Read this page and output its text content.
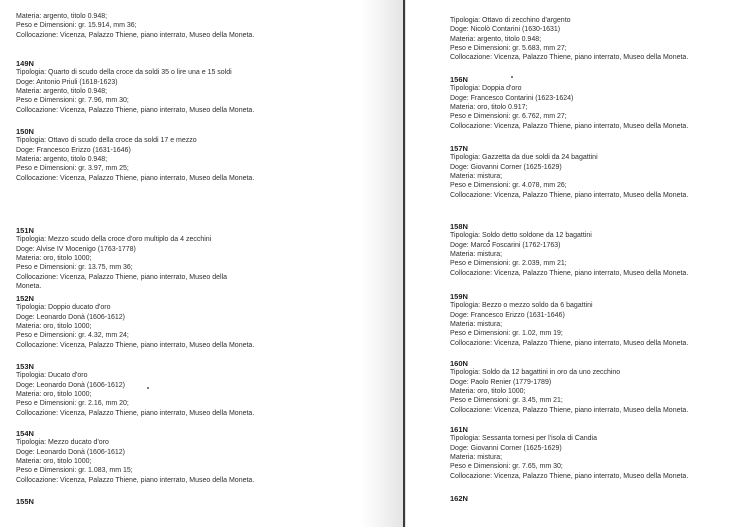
Materia: argento, titolo 0.948;
Peso e Dimensioni: gr. 15.914, mm 36;
Collocazione: Vicenza, Palazzo Thiene, piano interrato, Museo della Moneta.
149N
Tipologia: Quarto di scudo della croce da soldi 35 o lire una e 15 soldi
Doge: Antonio Priuli (1618-1623)
Materia: argento, titolo 0.948;
Peso e Dimensioni: gr. 7.96, mm 30;
Collocazione: Vicenza, Palazzo Thiene, piano interrato, Museo della Moneta.
150N
Tipologia: Ottavo di scudo della croce da soldi 17 e mezzo
Doge: Francesco Erizzo (1631-1646)
Materia: argento, titolo 0.948;
Peso e Dimensioni: gr. 3.97, mm 25;
Collocazione: Vicenza, Palazzo Thiene, piano interrato, Museo della Moneta.
151N
Tipologia: Mezzo scudo della croce d'oro multiplo da 4 zecchini
Doge: Alvise IV Mocenigo (1763-1778)
Materia: oro, titolo 1000;
Peso e Dimensioni: gr. 13.75, mm 36;
Collocazione: Vicenza, Palazzo Thiene, piano interrato, Museo della
Moneta.
152N
Tipologia: Doppio ducato d'oro
Doge: Leonardo Donà (1606-1612)
Materia: oro, titolo 1000;
Peso e Dimensioni: gr. 4.32, mm 24;
Collocazione: Vicenza, Palazzo Thiene, piano interrato, Museo della Moneta.
153N
Tipologia: Ducato d'oro
Doge: Leonardo Donà (1606-1612)
Materia: oro, titolo 1000;
Peso e Dimensioni: gr. 2.16, mm 20;
Collocazione: Vicenza, Palazzo Thiene, piano interrato, Museo della Moneta.
154N
Tipologia: Mezzo ducato d'oro
Doge: Leonardo Donà (1606-1612)
Materia: oro, titolo 1000;
Peso e Dimensioni: gr. 1.083, mm 15;
Collocazione: Vicenza, Palazzo Thiene, piano interrato, Museo della Moneta.
155N
Tipologia: Ottavo di zecchino d'argento
Doge: Nicolò Contarini (1630-1631)
Materia: argento, titolo 0.948;
Peso e Dimensioni: gr. 5.683, mm 27;
Collocazione: Vicenza, Palazzo Thiene, piano interrato, Museo della Moneta.
156N
Tipologia: Doppia d'oro
Doge: Francesco Contarini (1623-1624)
Materia: oro, titolo 0.917;
Peso e Dimensioni: gr. 6.762, mm 27;
Collocazione: Vicenza, Palazzo Thiene, piano interrato, Museo della Moneta.
157N
Tipologia: Gazzetta da due soldi da 24 bagattini
Doge: Giovanni Corner (1625-1629)
Materia: mistura;
Peso e Dimensioni: gr. 4.078, mm 26;
Collocazione: Vicenza, Palazzo Thiene, piano interrato, Museo della Moneta.
158N
Tipologia: Soldo detto soldone da 12 bagattini
Doge: Marco Foscarini (1762-1763)
Materia: mistura;
Peso e Dimensioni: gr. 2.039, mm 21;
Collocazione: Vicenza, Palazzo Thiene, piano interrato, Museo della Moneta.
159N
Tipologia: Bezzo o mezzo soldo da 6 bagattini
Doge: Francesco Erizzo (1631-1646)
Materia: mistura;
Peso e Dimensioni: gr. 1.02, mm 19;
Collocazione: Vicenza, Palazzo Thiene, piano interrato, Museo della Moneta.
160N
Tipologia: Soldo da 12 bagattini in oro da uno zecchino
Doge: Paolo Renier (1779-1789)
Materia: oro, titolo 1000;
Peso e Dimensioni: gr. 3.45, mm 21;
Collocazione: Vicenza, Palazzo Thiene, piano interrato, Museo della Moneta.
161N
Tipologia: Sessanta tornesi per l'isola di Candia
Doge: Giovanni Corner (1625-1629)
Materia: mistura;
Peso e Dimensioni: gr. 7.65, mm 30;
Collocazione: Vicenza, Palazzo Thiene, piano interrato, Museo della Moneta.
162N
